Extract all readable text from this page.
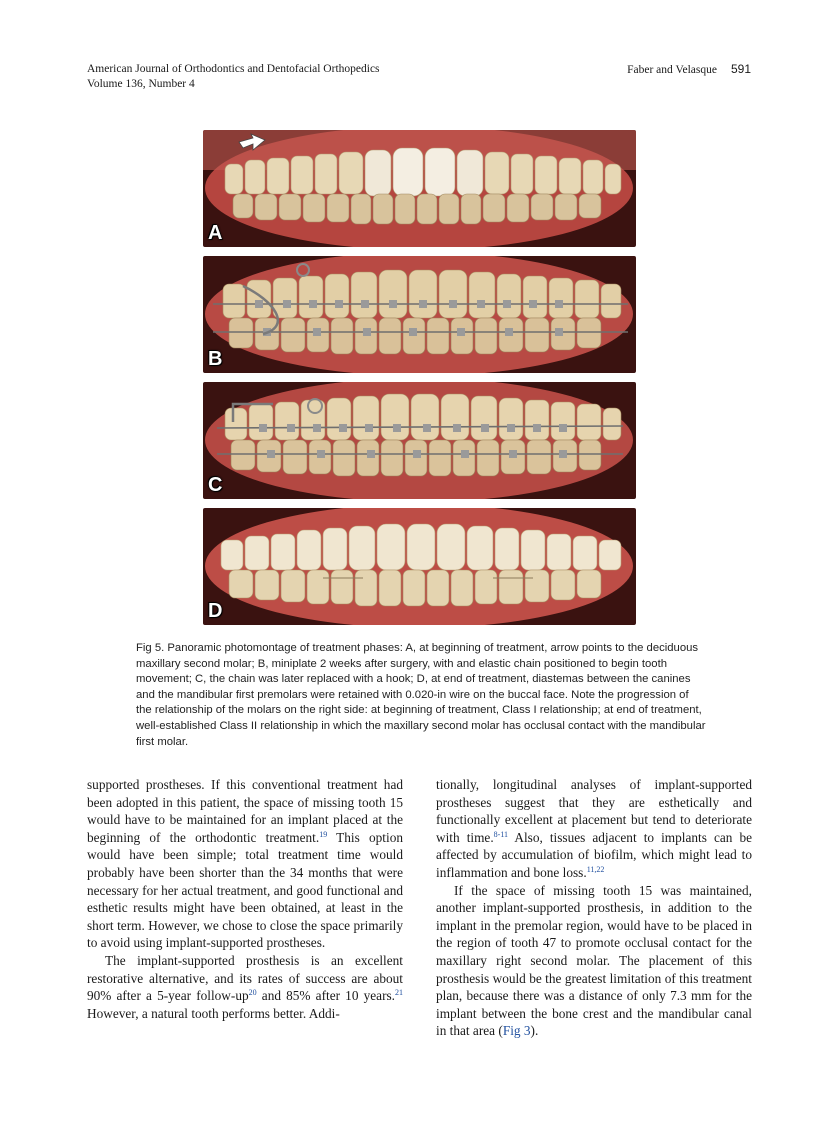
American Journal of Orthodontics and Dentofacial Orthopedics
Volume 136, Number 4
Faber and Velasque 591
A
B
C
D
Fig 5. Panoramic photomontage of treatment phases: A, at beginning of treatment, arrow points to the deciduous maxillary second molar; B, miniplate 2 weeks after surgery, with and elastic chain positioned to begin tooth movement; C, the chain was later replaced with a hook; D, at end of treatment, diastemas between the canines and the mandibular first premolars were retained with 0.020-in wire on the buccal face. Note the progression of the relationship of the molars on the right side: at beginning of treatment, Class I relationship; at end of treatment, well-established Class II relationship in which the maxillary second molar has occlusal contact with the mandibular first molar.

supported prostheses. If this conventional treatment had been adopted in this patient, the space of missing tooth 15 would have to be maintained for an implant placed at the beginning of the orthodontic treatment.$^{19}$ This option would have been simple; total treatment time would probably have been shorter than the 34 months that were necessary for her actual treatment, and good functional and esthetic results might have been obtained, at least in the short term. However, we chose to close the space primarily to avoid using implant-supported prostheses.

The implant-supported prosthesis is an excellent restorative alternative, and its rates of success are about 90% after a 5-year follow-up$^{20}$ and 85% after 10 years.$^{21}$ However, a natural tooth performs better. Addi-

tionally, longitudinal analyses of implant-supported prostheses suggest that they are esthetically and functionally excellent at placement but tend to deteriorate with time.$^{8-11}$ Also, tissues adjacent to implants can be affected by accumulation of biofilm, which might lead to inflammation and bone loss.$^{11,22}$

If the space of missing tooth 15 was maintained, another implant-supported prosthesis, in addition to the implant in the premolar region, would have to be placed in the region of tooth 47 to promote occlusal contact for the maxillary right second molar. The placement of this prosthesis would be the greatest limitation of this treatment plan, because there was a distance of only 7.3 mm for the implant between the bone crest and the mandibular canal in that area (Fig 3).
